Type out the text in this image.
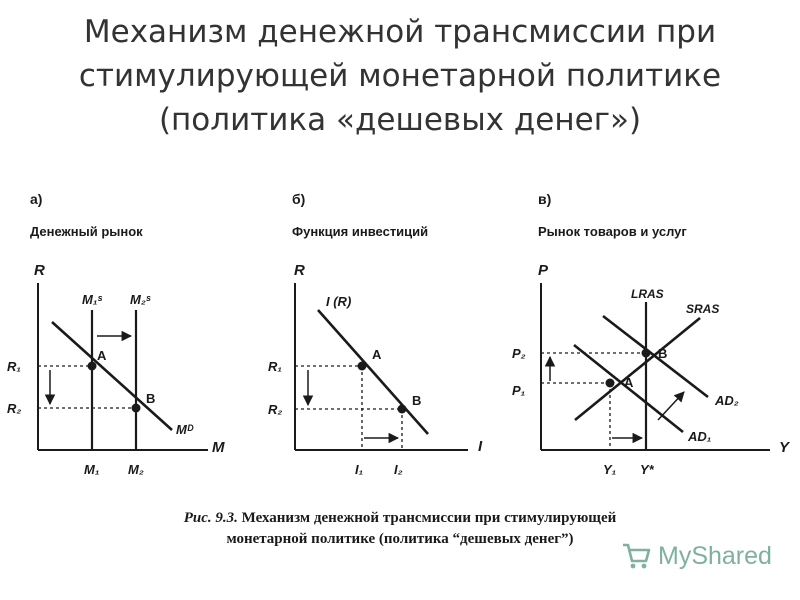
Механизм денежной трансмиссии при
стимулирующей монетарной политике
(политика «дешевых денег»)
а)
Денежный рынок
R
M
A
B
R₁
R₂
M₁ M₂
M₁ˢ M₂ˢ
Mᴰ
б)
Функция инвестиций
R
I
A
B
I (R)
R₁
R₂
I₁ I₂
в)
Рынок товаров и услуг
P
Y
A
B
LRAS
SRAS
P₂
P₁
Y₁ Y*
AD₂
AD₁
Рис. 9.3. Механизм денежной трансмиссии при стимулирующей
монетарной политике (политика “дешевых денег”)
MyShared
